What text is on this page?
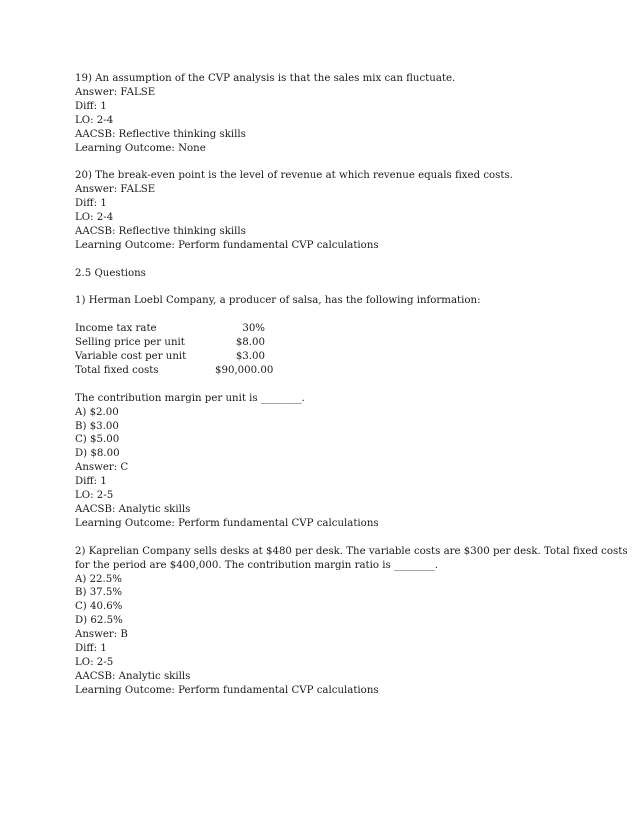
19) An assumption of the CVP analysis is that the sales mix can fluctuate.
Answer: FALSE
Diff: 1
LO: 2-4
AACSB: Reflective thinking skills
Learning Outcome: None
20) The break-even point is the level of revenue at which revenue equals fixed costs.
Answer: FALSE
Diff: 1
LO: 2-4
AACSB: Reflective thinking skills
Learning Outcome: Perform fundamental CVP calculations
2.5 Questions
1) Herman Loebl Company, a producer of salsa, has the following information:
Income tax rate	30%
Selling price per unit	$8.00
Variable cost per unit	$3.00
Total fixed costs	$90,000.00
The contribution margin per unit is ________.
A) $2.00
B) $3.00
C) $5.00
D) $8.00
Answer: C
Diff: 1
LO: 2-5
AACSB: Analytic skills
Learning Outcome: Perform fundamental CVP calculations
2) Kaprelian Company sells desks at $480 per desk. The variable costs are $300 per desk. Total fixed costs
for the period are $400,000. The contribution margin ratio is ________.
A) 22.5%
B) 37.5%
C) 40.6%
D) 62.5%
Answer: B
Diff: 1
LO: 2-5
AACSB: Analytic skills
Learning Outcome: Perform fundamental CVP calculations
